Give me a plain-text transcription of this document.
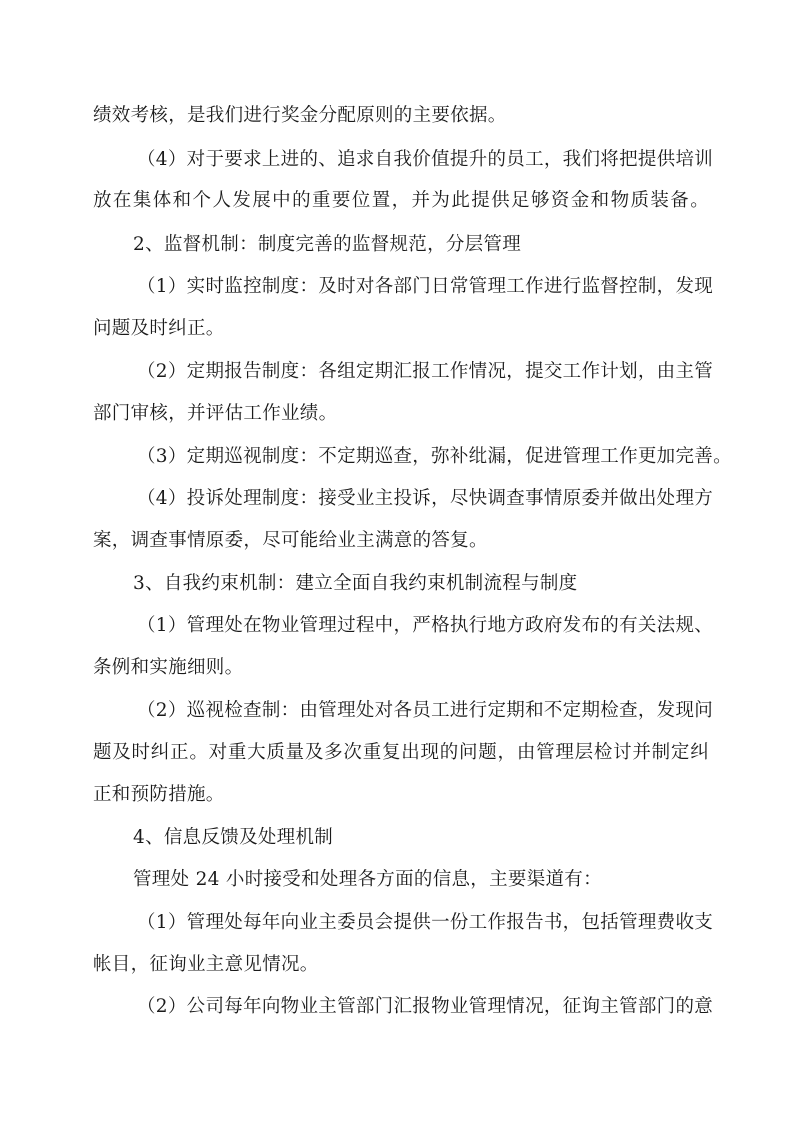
绩效考核，是我们进行奖金分配原则的主要依据。
（4）对于要求上进的、追求自我价值提升的员工，我们将把提供培训
放在集体和个人发展中的重要位置，并为此提供足够资金和物质装备。
2、监督机制：制度完善的监督规范，分层管理
（1）实时监控制度：及时对各部门日常管理工作进行监督控制，发现
问题及时纠正。
（2）定期报告制度：各组定期汇报工作情况，提交工作计划，由主管
部门审核，并评估工作业绩。
（3）定期巡视制度：不定期巡查，弥补纰漏，促进管理工作更加完善。
（4）投诉处理制度：接受业主投诉，尽快调查事情原委并做出处理方
案，调查事情原委，尽可能给业主满意的答复。
3、自我约束机制：建立全面自我约束机制流程与制度
（1）管理处在物业管理过程中，严格执行地方政府发布的有关法规、
条例和实施细则。
（2）巡视检查制：由管理处对各员工进行定期和不定期检查，发现问
题及时纠正。对重大质量及多次重复出现的问题，由管理层检讨并制定纠
正和预防措施。
4、信息反馈及处理机制
管理处 24 小时接受和处理各方面的信息，主要渠道有：
（1）管理处每年向业主委员会提供一份工作报告书，包括管理费收支
帐目，征询业主意见情况。
（2）公司每年向物业主管部门汇报物业管理情况，征询主管部门的意
